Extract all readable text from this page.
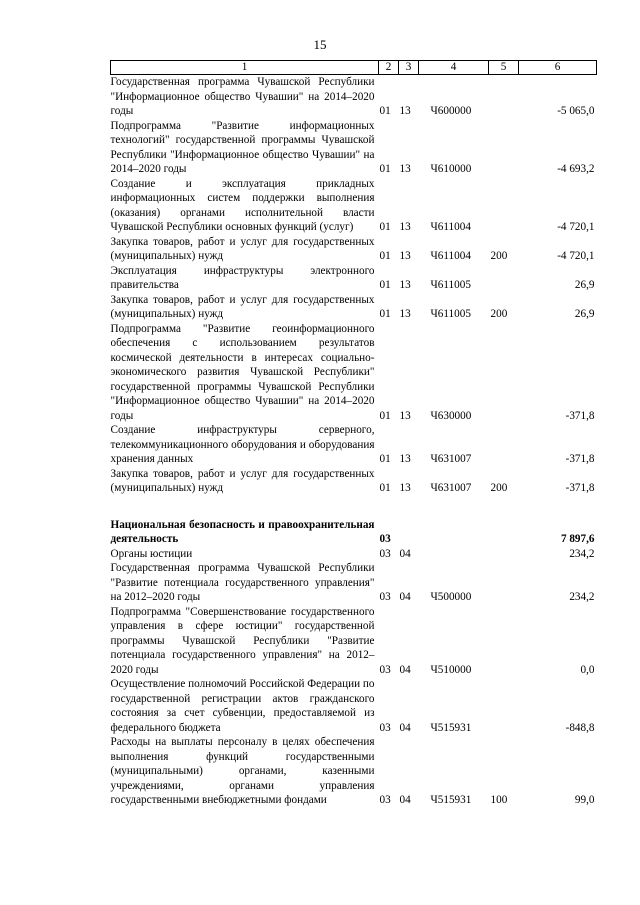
15
1	2	3	4	5	6
Государственная программа Чувашской Республики "Информационное общество Чувашии" на 2014–2020 годы	01	13	Ч600000		-5 065,0
Подпрограмма "Развитие информационных технологий" государственной программы Чувашской Республики "Информационное общество Чувашии" на 2014–2020 годы	01	13	Ч610000		-4 693,2
Создание и эксплуатация прикладных информационных систем поддержки выполнения (оказания) органами исполнительной власти Чувашской Республики основных функций (услуг)	01	13	Ч611004		-4 720,1
Закупка товаров, работ и услуг для государственных (муниципальных) нужд	01	13	Ч611004	200	-4 720,1
Эксплуатация инфраструктуры электронного правительства	01	13	Ч611005		26,9
Закупка товаров, работ и услуг для государственных (муниципальных) нужд	01	13	Ч611005	200	26,9
Подпрограмма "Развитие геоинформационного обеспечения с использованием результатов космической деятельности в интересах социально-экономического развития Чувашской Республики" государственной программы Чувашской Республики "Информационное общество Чувашии" на 2014–2020 годы	01	13	Ч630000		-371,8
Создание инфраструктуры серверного, телекоммуникационного оборудования и оборудования хранения данных	01	13	Ч631007		-371,8
Закупка товаров, работ и услуг для государственных (муниципальных) нужд	01	13	Ч631007	200	-371,8

Национальная безопасность и правоохранительная деятельность	03				7 897,6
Органы юстиции	03	04			234,2
Государственная программа Чувашской Республики "Развитие потенциала государственного управления" на 2012–2020 годы	03	04	Ч500000		234,2
Подпрограмма "Совершенствование государственного управления в сфере юстиции" государственной программы Чувашской Республики "Развитие потенциала государственного управления" на 2012–2020 годы	03	04	Ч510000		0,0
Осуществление полномочий Российской Федерации по государственной регистрации актов гражданского состояния за счет субвенции, предоставляемой из федерального бюджета	03	04	Ч515931		-848,8
Расходы на выплаты персоналу в целях обеспечения выполнения функций государственными (муниципальными) органами, казенными учреждениями, органами управления государственными внебюджетными фондами	03	04	Ч515931	100	99,0
